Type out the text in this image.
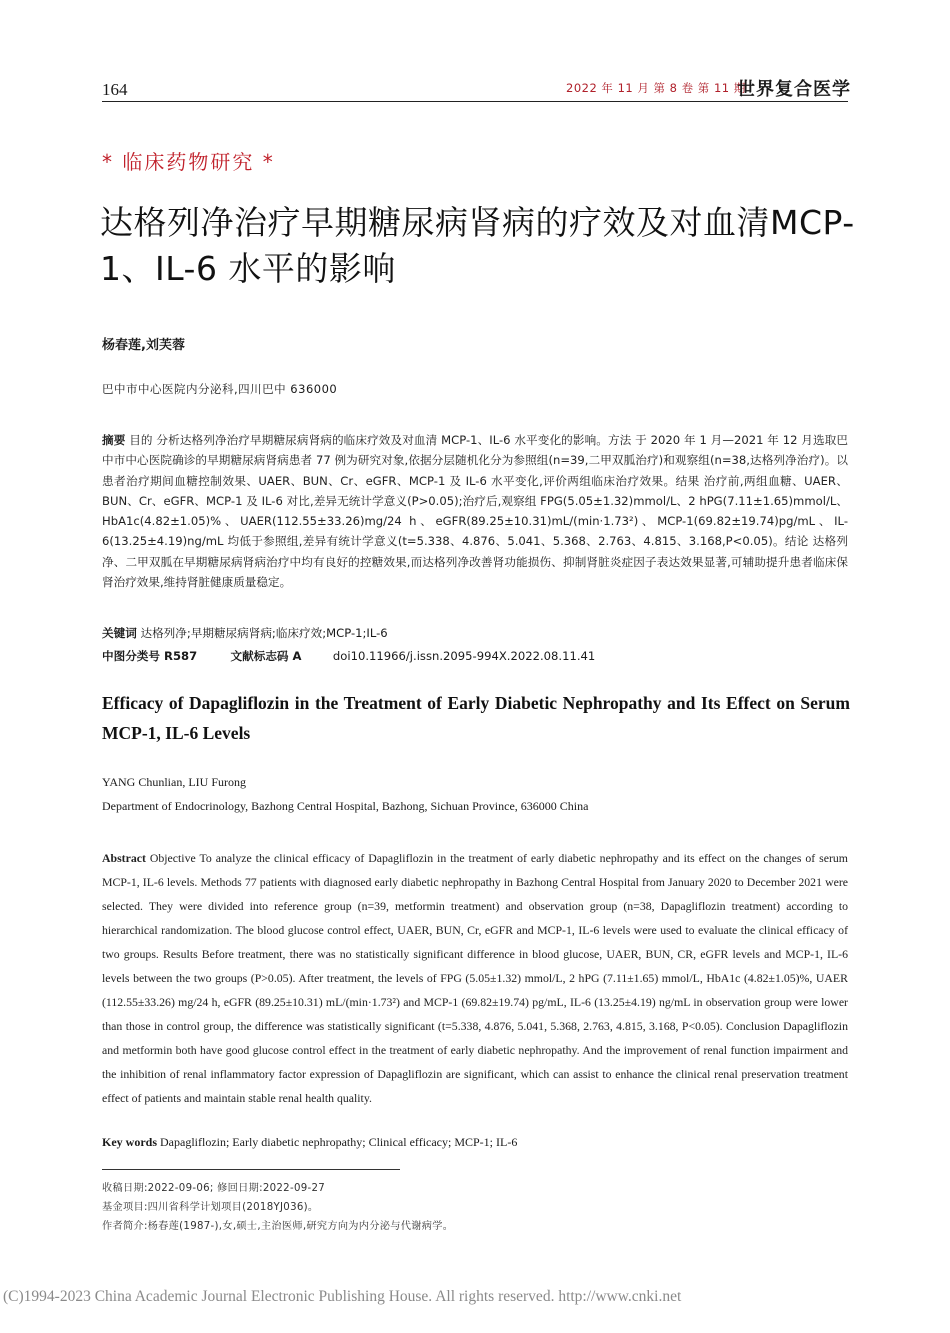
164	2022 年 11 月 第 8 卷 第 11 期
世界复合医学
* 临床药物研究 *
达格列净治疗早期糖尿病肾病的疗效及对血清MCP-1、IL-6 水平的影响
杨春莲,刘芙蓉
巴中市中心医院内分泌科,四川巴中 636000
摘要 目的 分析达格列净治疗早期糖尿病肾病的临床疗效及对血清 MCP-1、IL-6 水平变化的影响。方法 于 2020 年 1 月—2021 年 12 月选取巴中市中心医院确诊的早期糖尿病肾病患者 77 例为研究对象,依据分层随机化分为参照组(n=39,二甲双胍治疗)和观察组(n=38,达格列净治疗)。以患者治疗期间血糖控制效果、UAER、BUN、Cr、eGFR、MCP-1 及 IL-6 水平变化,评价两组临床治疗效果。结果 治疗前,两组血糖、UAER、BUN、Cr、eGFR、MCP-1 及 IL-6 对比,差异无统计学意义(P>0.05);治疗后,观察组 FPG(5.05±1.32)mmol/L、2 hPG(7.11±1.65)mmol/L、HbA1c(4.82±1.05)%、UAER(112.55±33.26)mg/24 h、eGFR(89.25±10.31)mL/(min·1.73²)、MCP-1(69.82±19.74)pg/mL、IL-6(13.25±4.19)ng/mL 均低于参照组,差异有统计学意义(t=5.338、4.876、5.041、5.368、2.763、4.815、3.168,P<0.05)。结论 达格列净、二甲双胍在早期糖尿病肾病治疗中均有良好的控糖效果,而达格列净改善肾功能损伤、抑制肾脏炎症因子表达效果显著,可辅助提升患者临床保肾治疗效果,维持肾脏健康质量稳定。
关键词 达格列净;早期糖尿病肾病;临床疗效;MCP-1;IL-6
中图分类号 R587	文献标志码 A	doi10.11966/j.issn.2095-994X.2022.08.11.41
Efficacy of Dapagliflozin in the Treatment of Early Diabetic Nephropathy and Its Effect on Serum MCP-1, IL-6 Levels
YANG Chunlian, LIU Furong
Department of Endocrinology, Bazhong Central Hospital, Bazhong, Sichuan Province, 636000 China
Abstract Objective To analyze the clinical efficacy of Dapagliflozin in the treatment of early diabetic nephropathy and its effect on the changes of serum MCP-1, IL-6 levels. Methods 77 patients with diagnosed early diabetic nephropathy in Bazhong Central Hospital from January 2020 to December 2021 were selected. They were divided into reference group (n=39, metformin treatment) and observation group (n=38, Dapagliflozin treatment) according to hierarchical randomization. The blood glucose control effect, UAER, BUN, Cr, eGFR and MCP-1, IL-6 levels were used to evaluate the clinical efficacy of two groups. Results Before treatment, there was no statistically significant difference in blood glucose, UAER, BUN, CR, eGFR levels and MCP-1, IL-6 levels between the two groups (P>0.05). After treatment, the levels of FPG (5.05±1.32) mmol/L, 2 hPG (7.11±1.65) mmol/L, HbA1c (4.82±1.05)%, UAER (112.55±33.26) mg/24 h, eGFR (89.25±10.31) mL/(min·1.73²) and MCP-1 (69.82±19.74) pg/mL, IL-6 (13.25±4.19) ng/mL in observation group were lower than those in control group, the difference was statistically significant (t=5.338, 4.876, 5.041, 5.368, 2.763, 4.815, 3.168, P<0.05). Conclusion Dapagliflozin and metformin both have good glucose control effect in the treatment of early diabetic nephropathy. And the improvement of renal function impairment and the inhibition of renal inflammatory factor expression of Dapagliflozin are significant, which can assist to enhance the clinical renal preservation treatment effect of patients and maintain stable renal health quality.
Key words Dapagliflozin; Early diabetic nephropathy; Clinical efficacy; MCP-1; IL-6
收稿日期:2022-09-06; 修回日期:2022-09-27
基金项目:四川省科学计划项目(2018YJ036)。
作者简介:杨春莲(1987-),女,硕士,主治医师,研究方向为内分泌与代谢病学。
(C)1994-2023 China Academic Journal Electronic Publishing House. All rights reserved. http://www.cnki.net
